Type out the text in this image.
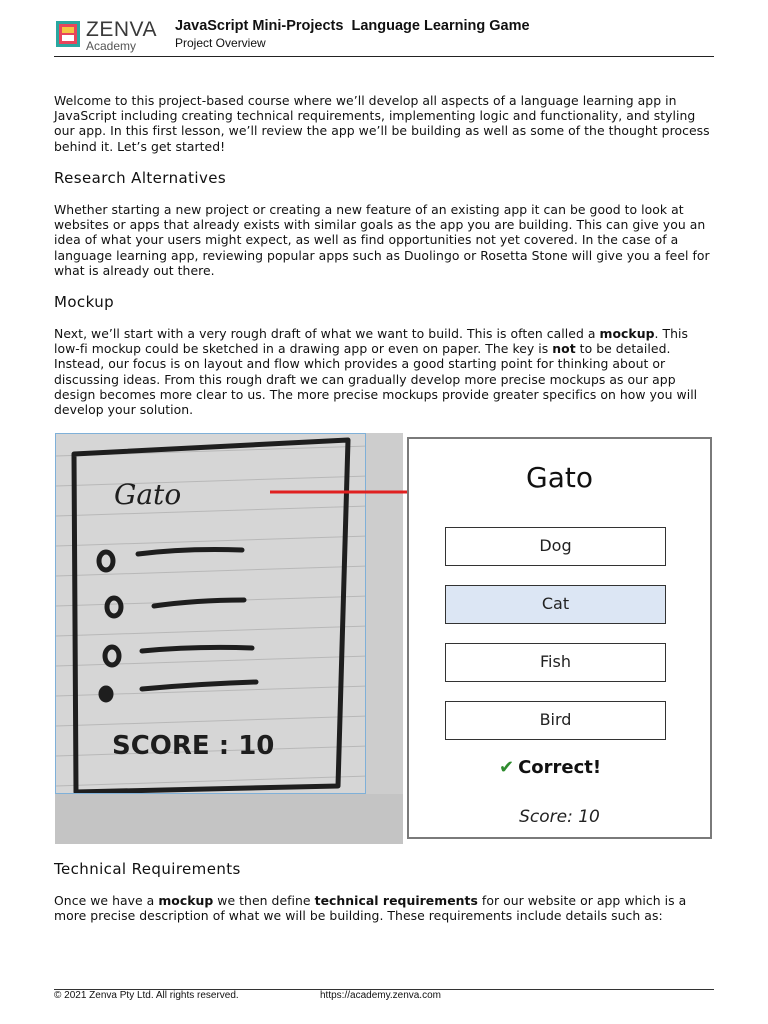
ZENVA
Academy
JavaScript Mini-Projects  Language Learning Game
Project Overview

Welcome to this project-based course where we’ll develop all aspects of a language learning app in JavaScript including creating technical requirements, implementing logic and functionality, and styling our app. In this first lesson, we’ll review the app we’ll be building as well as some of the thought process behind it. Let’s get started!

Research Alternatives

Whether starting a new project or creating a new feature of an existing app it can be good to look at websites or apps that already exists with similar goals as the app you are building. This can give you an idea of what your users might expect, as well as find opportunities not yet covered. In the case of a language learning app, reviewing popular apps such as Duolingo or Rosetta Stone will give you a feel for what is already out there.

Mockup

Next, we’ll start with a very rough draft of what we want to build. This is often called a mockup. This low-fi mockup could be sketched in a drawing app or even on paper. The key is not to be detailed. Instead, our focus is on layout and flow which provides a good starting point for thinking about or discussing ideas. From this rough draft we can gradually develop more precise mockups as our app design becomes more clear to us. The more precise mockups provide greater specifics on how you will develop your solution.

Gato
SCORE : 10
Gato
Dog
Cat
Fish
Bird
✔ Correct!
Score: 10
Technical Requirements

Once we have a mockup we then define technical requirements for our website or app which is a more precise description of what we will be building. These requirements include details such as:

© 2021 Zenva Pty Ltd. All rights reserved.	https://academy.zenva.com
